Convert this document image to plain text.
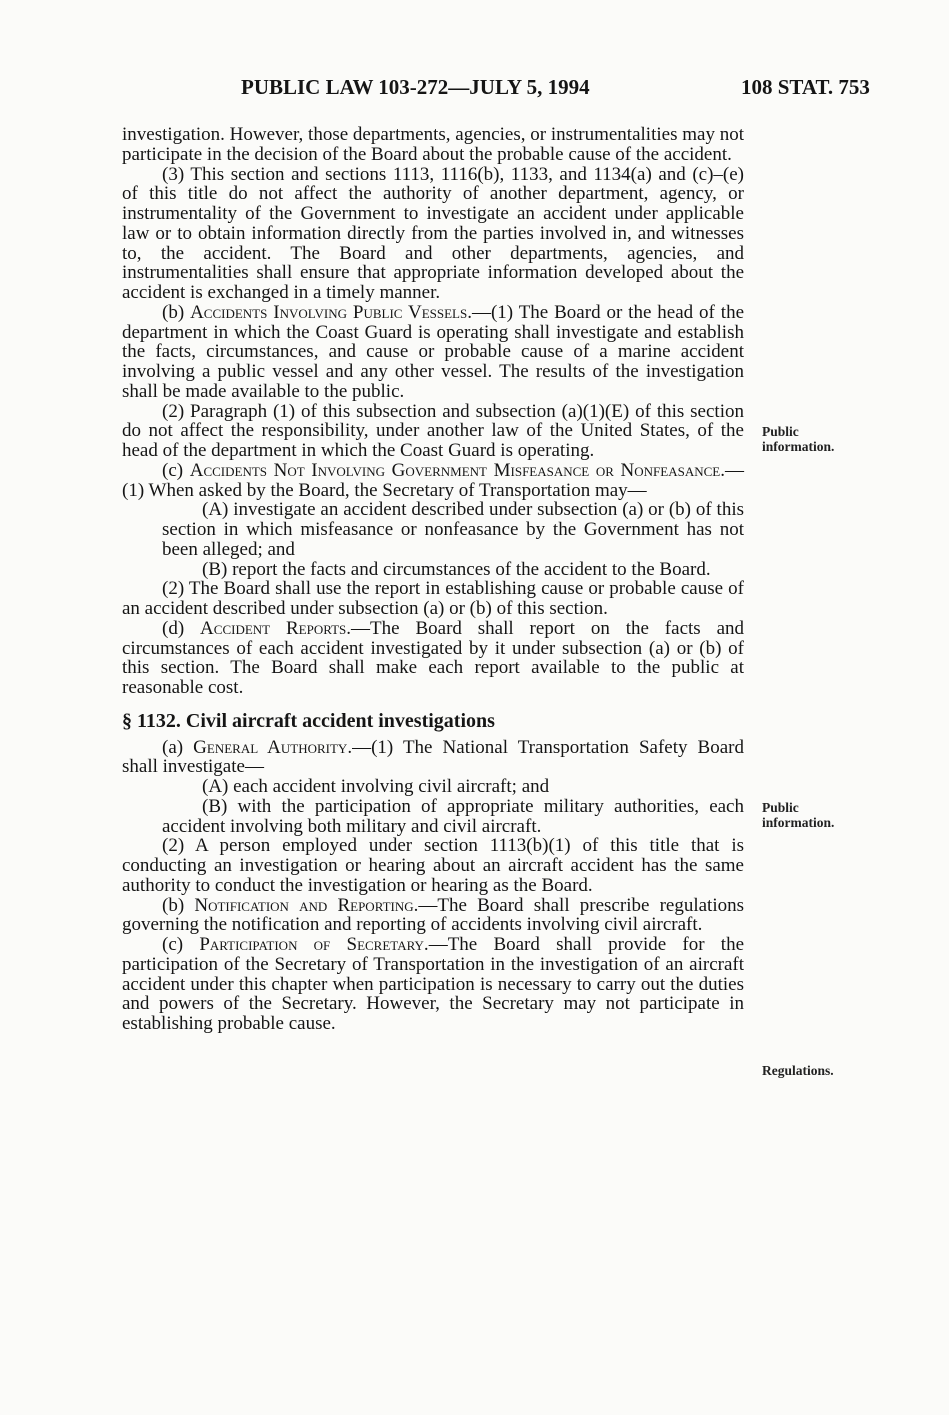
PUBLIC LAW 103-272—JULY 5, 1994	108 STAT. 753

investigation. However, those departments, agencies, or instrumentalities may not participate in the decision of the Board about the probable cause of the accident.

(3) This section and sections 1113, 1116(b), 1133, and 1134(a) and (c)–(e) of this title do not affect the authority of another department, agency, or instrumentality of the Government to investigate an accident under applicable law or to obtain information directly from the parties involved in, and witnesses to, the accident. The Board and other departments, agencies, and instrumentalities shall ensure that appropriate information developed about the accident is exchanged in a timely manner.

(b) Accidents Involving Public Vessels.—(1) The Board or the head of the department in which the Coast Guard is operating shall investigate and establish the facts, circumstances, and cause or probable cause of a marine accident involving a public vessel and any other vessel. The results of the investigation shall be made available to the public.

(2) Paragraph (1) of this subsection and subsection (a)(1)(E) of this section do not affect the responsibility, under another law of the United States, of the head of the department in which the Coast Guard is operating.

(c) Accidents Not Involving Government Misfeasance or Nonfeasance.—(1) When asked by the Board, the Secretary of Transportation may—

(A) investigate an accident described under subsection (a) or (b) of this section in which misfeasance or nonfeasance by the Government has not been alleged; and

(B) report the facts and circumstances of the accident to the Board.

(2) The Board shall use the report in establishing cause or probable cause of an accident described under subsection (a) or (b) of this section.

(d) Accident Reports.—The Board shall report on the facts and circumstances of each accident investigated by it under subsection (a) or (b) of this section. The Board shall make each report available to the public at reasonable cost.

§ 1132. Civil aircraft accident investigations

(a) General Authority.—(1) The National Transportation Safety Board shall investigate—

(A) each accident involving civil aircraft; and

(B) with the participation of appropriate military authorities, each accident involving both military and civil aircraft.

(2) A person employed under section 1113(b)(1) of this title that is conducting an investigation or hearing about an aircraft accident has the same authority to conduct the investigation or hearing as the Board.

(b) Notification and Reporting.—The Board shall prescribe regulations governing the notification and reporting of accidents involving civil aircraft.

(c) Participation of Secretary.—The Board shall provide for the participation of the Secretary of Transportation in the investigation of an aircraft accident under this chapter when participation is necessary to carry out the duties and powers of the Secretary. However, the Secretary may not participate in establishing probable cause.

Public
information.
Public
information.
Regulations.
